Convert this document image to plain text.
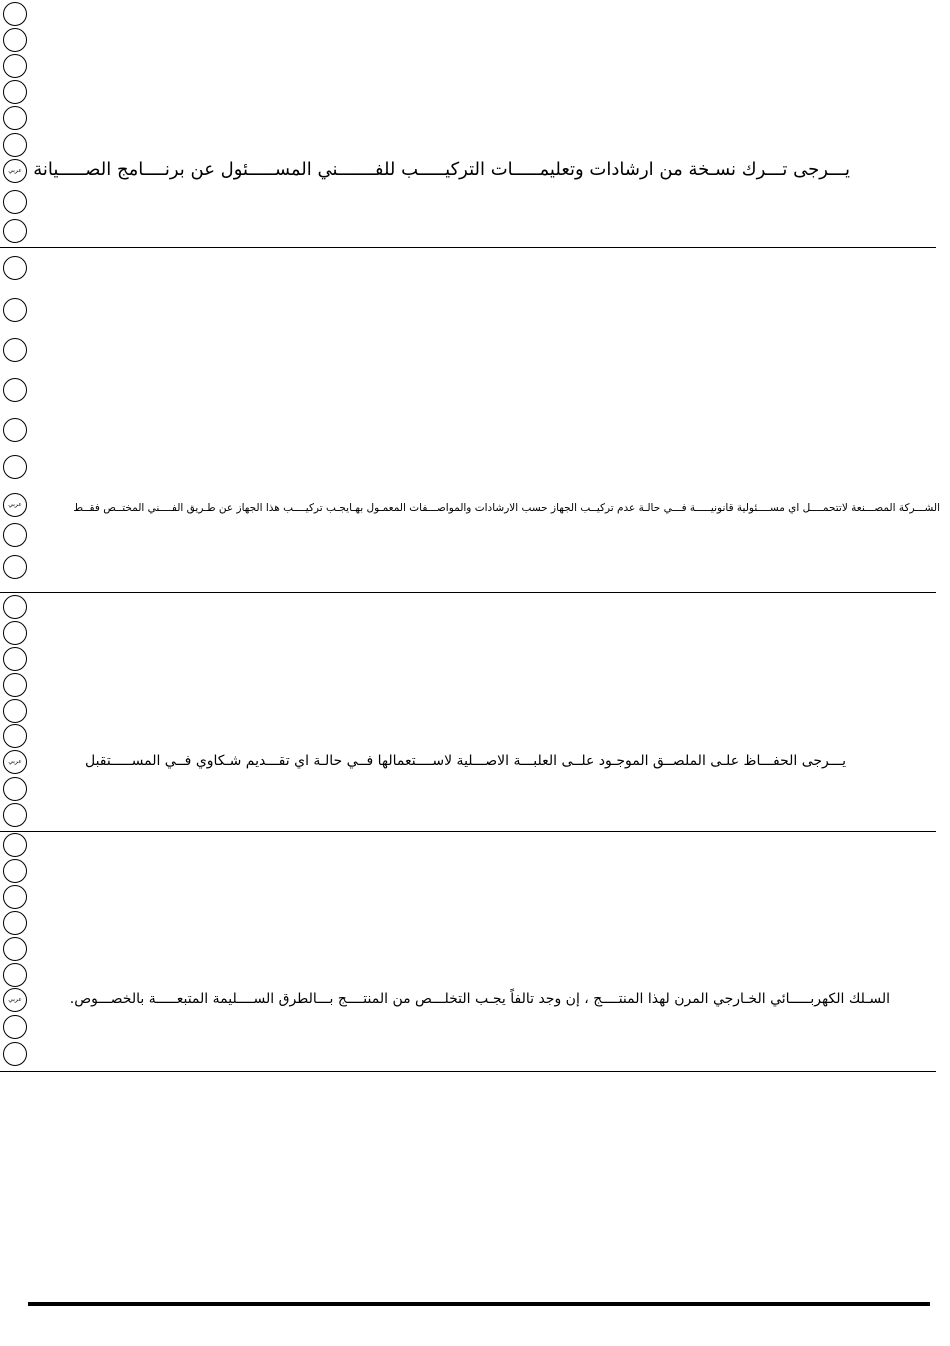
عربي يـــرجى تـــرك نسـخة من ارشادات وتعليمـــــات التركيـــــب للفـــــــني المســـــئول عن برنــــامج الصـــــيانة
عربي	الشـــركة المصـــنعة لاتتحمــــل اي مســــئولية قانونيـــــة فـــي حالـة عدم تركيــب الجهاز حسب الارشادات والمواصـــفات المعمـول بهـايجـب تركيــــب هذا الجهاز عن طـريق الفــــني المختــص فقــط
عربي	يـــرجى الحفـــاظ علـى الملصــق الموجـود علــى العلبـــة الاصـــلية لاســــتعمالها فــي حالـة اي تقـــديم شـكاوي فــي المســـــتقبل
عربي	السـلك الكهربـــــائي الخـارجي المرن لهذا المنتــــج ، إن وجد تالفاً يجـب التخلـــص من المنتــــج بـــالطرق الســــليمة المتبعـــــة بالخصـــوص.
